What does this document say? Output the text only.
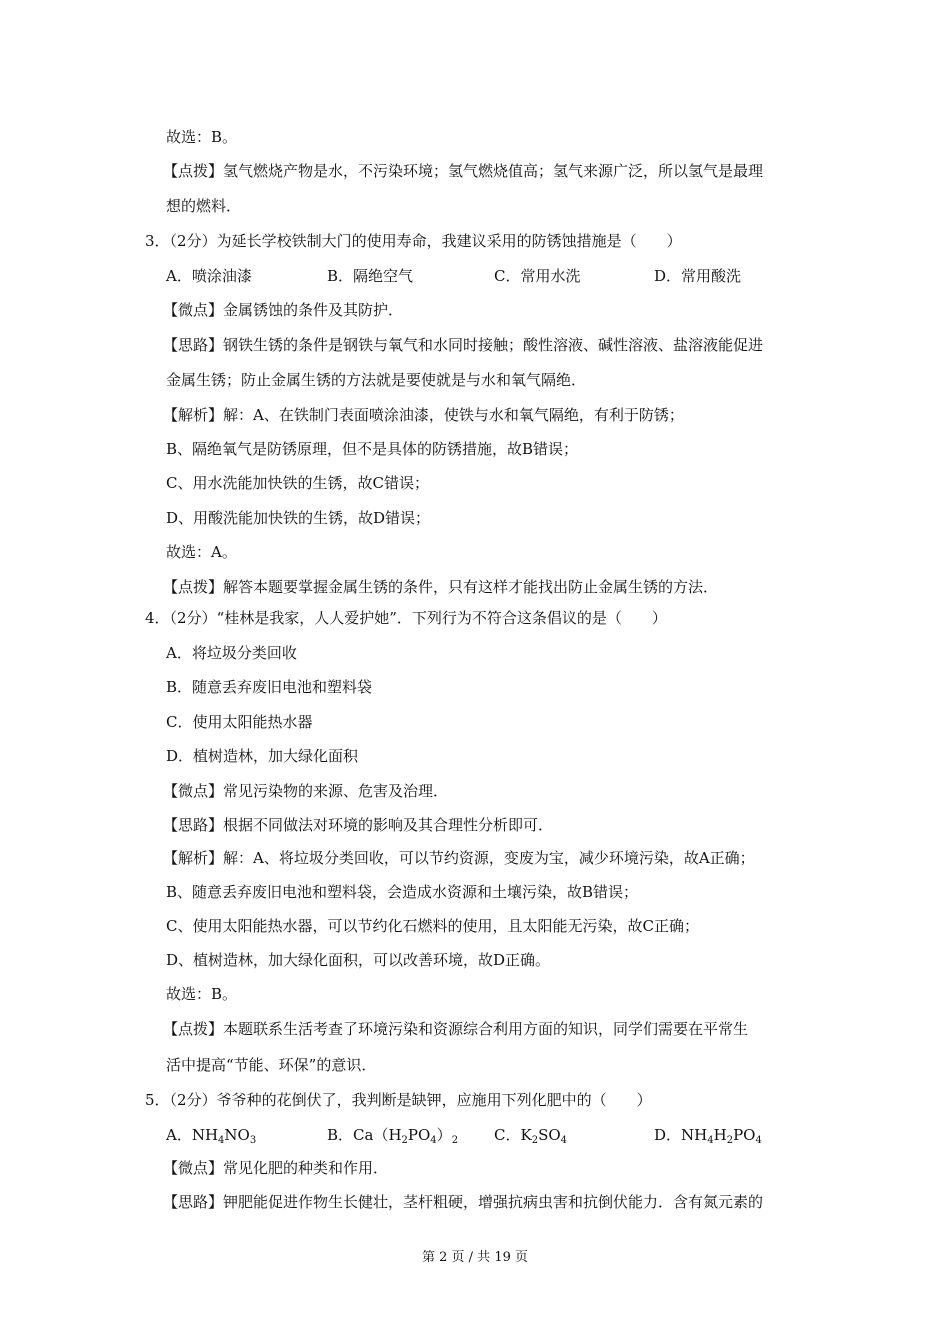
故选：B。
【点拨】氢气燃烧产物是水，不污染环境；氢气燃烧值高；氢气来源广泛，所以氢气是最理
想的燃料．
3．（2分）为延长学校铁制大门的使用寿命，我建议采用的防锈蚀措施是（　　）
A．喷涂油漆	B．隔绝空气	C．常用水洗	D．常用酸洗
【微点】金属锈蚀的条件及其防护．
【思路】钢铁生锈的条件是钢铁与氧气和水同时接触；酸性溶液、碱性溶液、盐溶液能促进
金属生锈；防止金属生锈的方法就是要使就是与水和氧气隔绝．
【解析】解：A、在铁制门表面喷涂油漆，使铁与水和氧气隔绝，有利于防锈；
B、隔绝氧气是防锈原理，但不是具体的防锈措施，故B错误；
C、用水洗能加快铁的生锈，故C错误；
D、用酸洗能加快铁的生锈，故D错误；
故选：A。
【点拨】解答本题要掌握金属生锈的条件，只有这样才能找出防止金属生锈的方法．
4．（2分）“桂林是我家，人人爱护她”．下列行为不符合这条倡议的是（　　）
A．将垃圾分类回收
B．随意丢弃废旧电池和塑料袋
C．使用太阳能热水器
D．植树造林，加大绿化面积
【微点】常见污染物的来源、危害及治理．
【思路】根据不同做法对环境的影响及其合理性分析即可．
【解析】解：A、将垃圾分类回收，可以节约资源，变废为宝，减少环境污染，故A正确；
B、随意丢弃废旧电池和塑料袋，会造成水资源和土壤污染，故B错误；
C、使用太阳能热水器，可以节约化石燃料的使用，且太阳能无污染，故C正确；
D、植树造林，加大绿化面积，可以改善环境，故D正确。
故选：B。
【点拨】本题联系生活考查了环境污染和资源综合利用方面的知识，同学们需要在平常生
活中提高“节能、环保”的意识．
5．（2分）爷爷种的花倒伏了，我判断是缺钾，应施用下列化肥中的（　　）
A．$NH_4NO_3$	B．$Ca(H_2PO_4)_2$ C．$K_2SO_4$	D．$NH_4H_2PO_4$
【微点】常见化肥的种类和作用．
【思路】钾肥能促进作物生长健壮，茎杆粗硬，增强抗病虫害和抗倒伏能力．含有氮元素的
第 2 页 / 共 19 页
